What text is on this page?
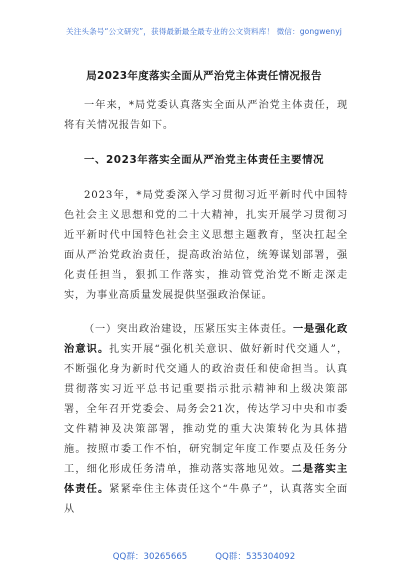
关注头条号“公文研究”，获得最新最全最专业的公文资料库！ 微信：gongwenyj
局2023年度落实全面从严治党主体责任情况报告

一年来，*局党委认真落实全面从严治党主体责任，现将有关情况报告如下。

一、2023年落实全面从严治党主体责任主要情况

2023年，*局党委深入学习贯彻习近平新时代中国特色社会主义思想和党的二十大精神，扎实开展学习贯彻习近平新时代中国特色社会主义思想主题教育，坚决扛起全面从严治党政治责任，提高政治站位，统筹谋划部署，强化责任担当，狠抓工作落实，推动管党治党不断走深走实，为事业高质量发展提供坚强政治保证。

（一）突出政治建设，压紧压实主体责任。一是强化政治意识。扎实开展“强化机关意识、做好新时代交通人”，不断强化身为新时代交通人的政治责任和使命担当。认真贯彻落实习近平总书记重要指示批示精神和上级决策部署，全年召开党委会、局务会21次，传达学习中央和市委文件精神及决策部署，推动党的重大决策转化为具体措施。按照市委工作不怕，研究制定年度工作要点及任务分工，细化形成任务清单，推动落实落地见效。二是落实主体责任。紧紧牵住主体责任这个“牛鼻子”，认真落实全面从

QQ群：30265665	QQ群：535304092
